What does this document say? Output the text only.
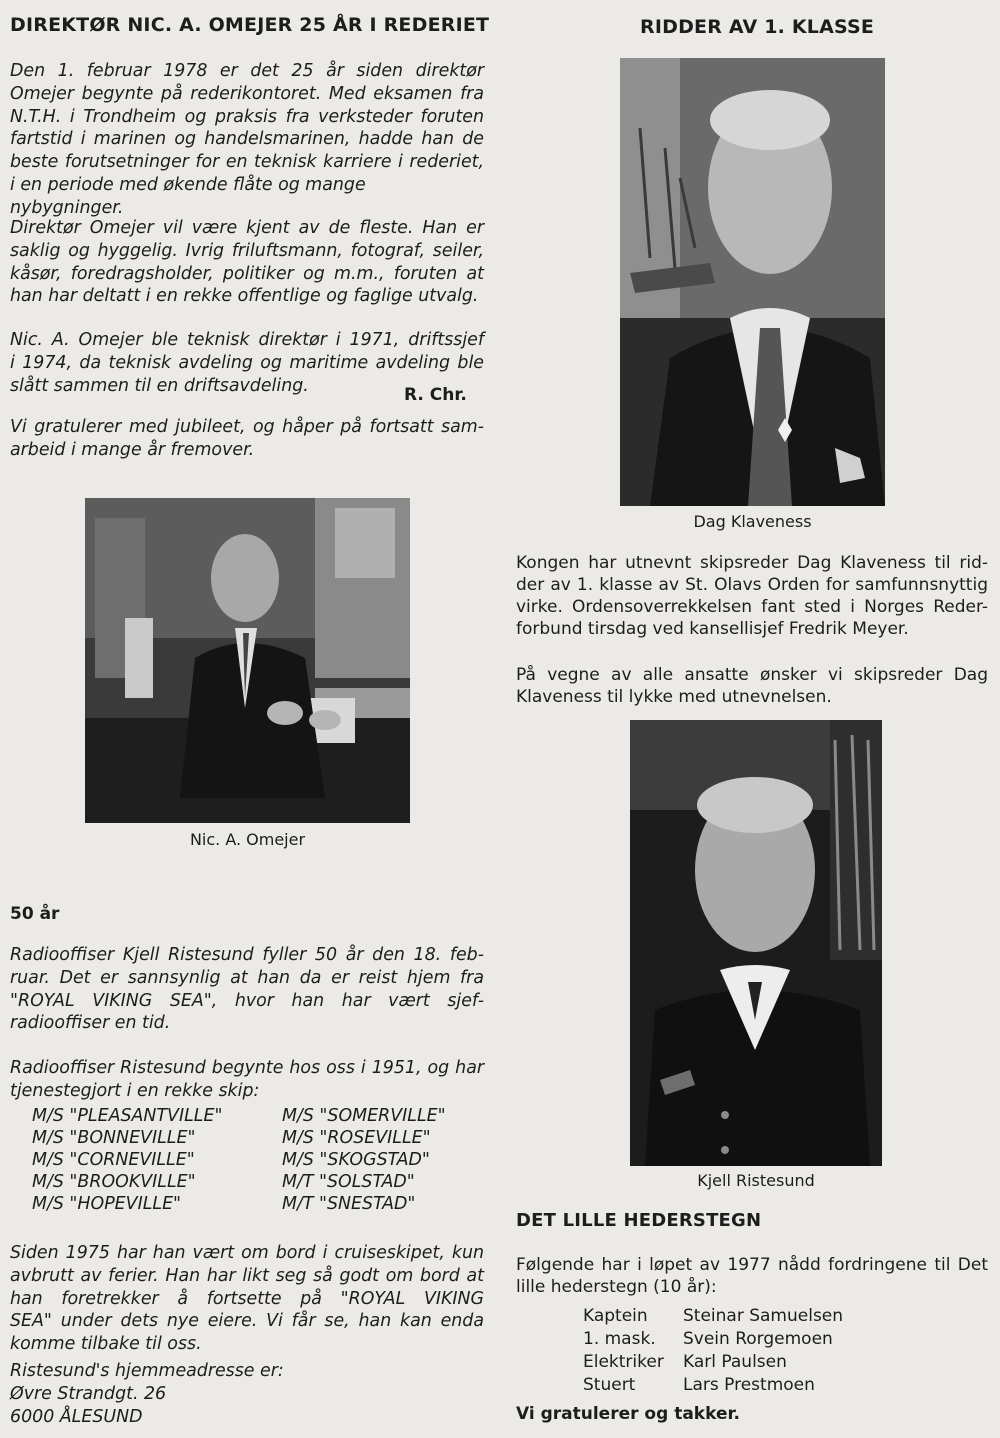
DIREKTØR NIC. A. OMEJER 25 ÅR I REDERIET

Den 1. februar 1978 er det 25 år siden direktør

Omejer begynte på rederikontoret. Med eksamen fra

N.T.H. i Trondheim og praksis fra verksteder foruten

fartstid i marinen og handelsmarinen, hadde han de

beste forutsetninger for en teknisk karriere i rederiet,

i en periode med økende flåte og mange nybygninger.

Direktør Omejer vil være kjent av de fleste. Han er

saklig og hyggelig. Ivrig friluftsmann, fotograf, seiler,

kåsør, foredragsholder, politiker og m.m., foruten at

han har deltatt i en rekke offentlige og faglige utvalg.

Nic. A. Omejer ble teknisk direktør i 1971, driftssjef

i 1974, da teknisk avdeling og maritime avdeling ble

slått sammen til en driftsavdeling.	R. Chr.

Vi gratulerer med jubileet, og håper på fortsatt sam-

arbeid i mange år fremover.

Nic. A. Omejer
50 år

Radiooffiser Kjell Ristesund fyller 50 år den 18. feb-

ruar. Det er sannsynlig at han da er reist hjem fra

"ROYAL VIKING SEA", hvor han har vært sjef-

radiooffiser en tid.

Radiooffiser Ristesund begynte hos oss i 1951, og har

tjenestegjort i en rekke skip:

M/S "PLEASANTVILLE"	M/S "SOMERVILLE"
M/S "BONNEVILLE"	M/S "ROSEVILLE"
M/S "CORNEVILLE"	M/S "SKOGSTAD"
M/S "BROOKVILLE"	M/T "SOLSTAD"
M/S "HOPEVILLE"	M/T "SNESTAD"

Siden 1975 har han vært om bord i cruiseskipet, kun

avbrutt av ferier. Han har likt seg så godt om bord at

han foretrekker å fortsette på "ROYAL VIKING

SEA" under dets nye eiere. Vi får se, han kan enda

komme tilbake til oss.

Ristesund's hjemmeadresse er:

Øvre Strandgt. 26

6000 ÅLESUND

RIDDER AV 1. KLASSE
Dag Klaveness

Kongen har utnevnt skipsreder Dag Klaveness til rid-

der av 1. klasse av St. Olavs Orden for samfunnsnyttig

virke. Ordensoverrekkelsen fant sted i Norges Reder-

forbund tirsdag ved kansellisjef Fredrik Meyer.

På vegne av alle ansatte ønsker vi skipsreder Dag

Klaveness til lykke med utnevnelsen.

Kjell Ristesund
DET LILLE HEDERSTEGN

Følgende har i løpet av 1977 nådd fordringene til Det

lille hederstegn (10 år):

Kaptein	Steinar Samuelsen
1. mask.	Svein Rorgemoen
Elektriker	Karl Paulsen
Stuert	Lars Prestmoen
Vi gratulerer og takker.
